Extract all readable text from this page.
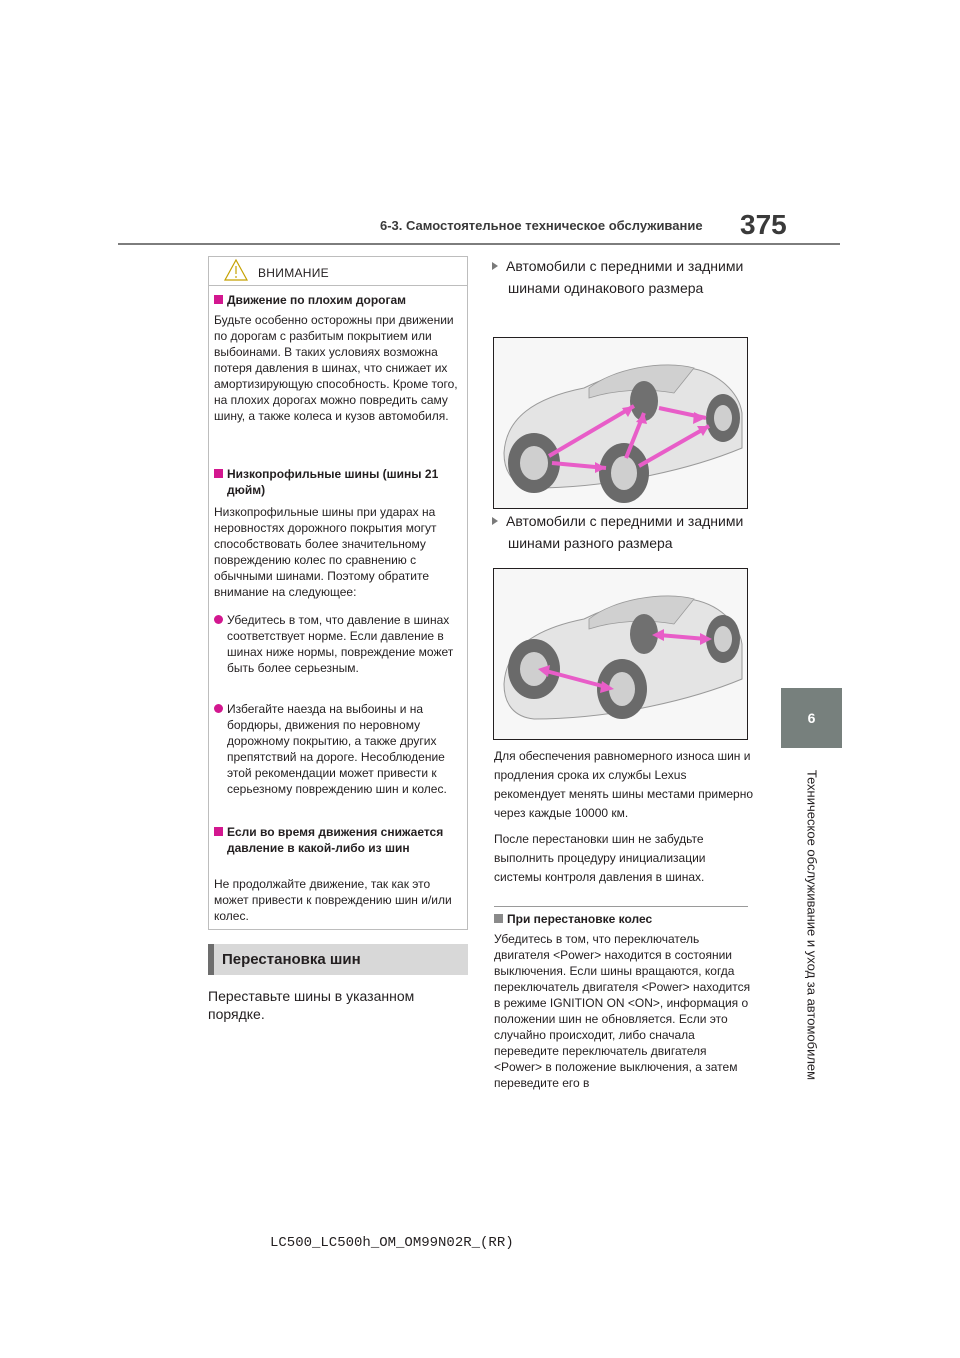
6-3. Самостоятельное техническое обслуживание 375
6
Техническое обслуживание и уход за автомобилем
ВНИМАНИЕ
Движение по плохим дорогам
Будьте особенно осторожны при движении по дорогам с разбитым покрытием или выбоинами. В таких условиях возможна потеря давления в шинах, что снижает их амортизирующую способность. Кроме того, на плохих дорогах можно повредить саму шину, а также колеса и кузов автомобиля.
Низкопрофильные шины (шины 21 дюйм)
Низкопрофильные шины при ударах на неровностях дорожного покрытия могут способствовать более значительному повреждению колес по сравнению с обычными шинами. Поэтому обратите внимание на следующее:
Убедитесь в том, что давление в шинах соответствует норме. Если давление в шинах ниже нормы, повреждение может быть более серьезным.
Избегайте наезда на выбоины и на бордюры, движения по неровному дорожному покрытию, а также других препятствий на дороге. Несоблюдение этой рекомендации может привести к серьезному повреждению шин и колес.
Если во время движения снижается давление в какой-либо из шин
Не продолжайте движение, так как это может привести к повреждению шин и/или колес.
Перестановка шин
Переставьте шины в указанном порядке.
Автомобили с передними и задними шинами одинакового размера
Автомобили с передними и задними шинами разного размера
Для обеспечения равномерного износа шин и продления срока их службы Lexus рекомендует менять шины местами примерно через каждые 10000 км.
После перестановки шин не забудьте выполнить процедуру инициализации системы контроля давления в шинах.
При перестановке колес
Убедитесь в том, что переключатель двигателя <Power> находится в состоянии выключения. Если шины вращаются, когда переключатель двигателя <Power> находится в режиме IGNITION ON <ON>, информация о положении шин не обновляется. Если это случайно происходит, либо сначала переведите переключатель двигателя <Power> в положение выключения, а затем переведите его в
LC500_LC500h_OM_OM99N02R_(RR)
